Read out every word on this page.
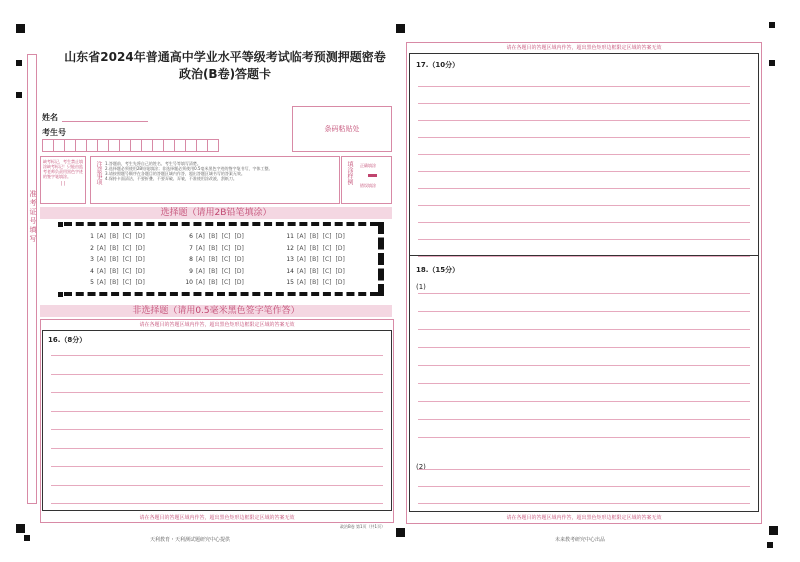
准考证号填写
山东省2024年普通高中学业水平等级考试临考预测押题密卷
政治(B卷)答题卡
姓名
考生号	条码粘贴处
缺考标记，考生禁止填涂缺考标记！只能由监考老师负责用黑色字迹的签字笔填涂。
[ ]	注意事项 1.答题前，考生先将自己的姓名、考生号等填写清楚。
2.选择题必须使用2B铅笔填涂；非选择题必须使用0.5毫米黑色字迹的签字笔书写，字体工整。
3.请按照题号顺序在各题目的答题区域内作答，超出答题区域书写的答案无效。
4.保持卡面清洁，不要折叠、不要弄破、弄皱，不准使用涂改液、刮纸刀。	填涂样例 正确填涂
错误填涂
选择题（请用2B铅笔填涂）
1 [A] [B] [C] [D]
2 [A] [B] [C] [D]
3 [A] [B] [C] [D]
4 [A] [B] [C] [D]
5 [A] [B] [C] [D]
6 [A] [B] [C] [D]
7 [A] [B] [C] [D]
8 [A] [B] [C] [D]
9 [A] [B] [C] [D]
10 [A] [B] [C] [D]
11 [A] [B] [C] [D]
12 [A] [B] [C] [D]
13 [A] [B] [C] [D]
14 [A] [B] [C] [D]
15 [A] [B] [C] [D]
非选择题（请用0.5毫米黑色签字笔作答）
请在各题目的答题区域内作答，超出黑色矩形边框限定区域的答案无效
16.（8分）
请在各题目的答题区域内作答，超出黑色矩形边框限定区域的答案无效
请在各题目的答题区域内作答，超出黑色矩形边框限定区域的答案无效
17.（10分）
18.（15分）
(1)
(2)
请在各题目的答题区域内作答，超出黑色矩形边框限定区域的答案无效
天利教育・天利测试题研究中心提供
政治B卷 第1页（共1页）
未来教考研究中心出品
